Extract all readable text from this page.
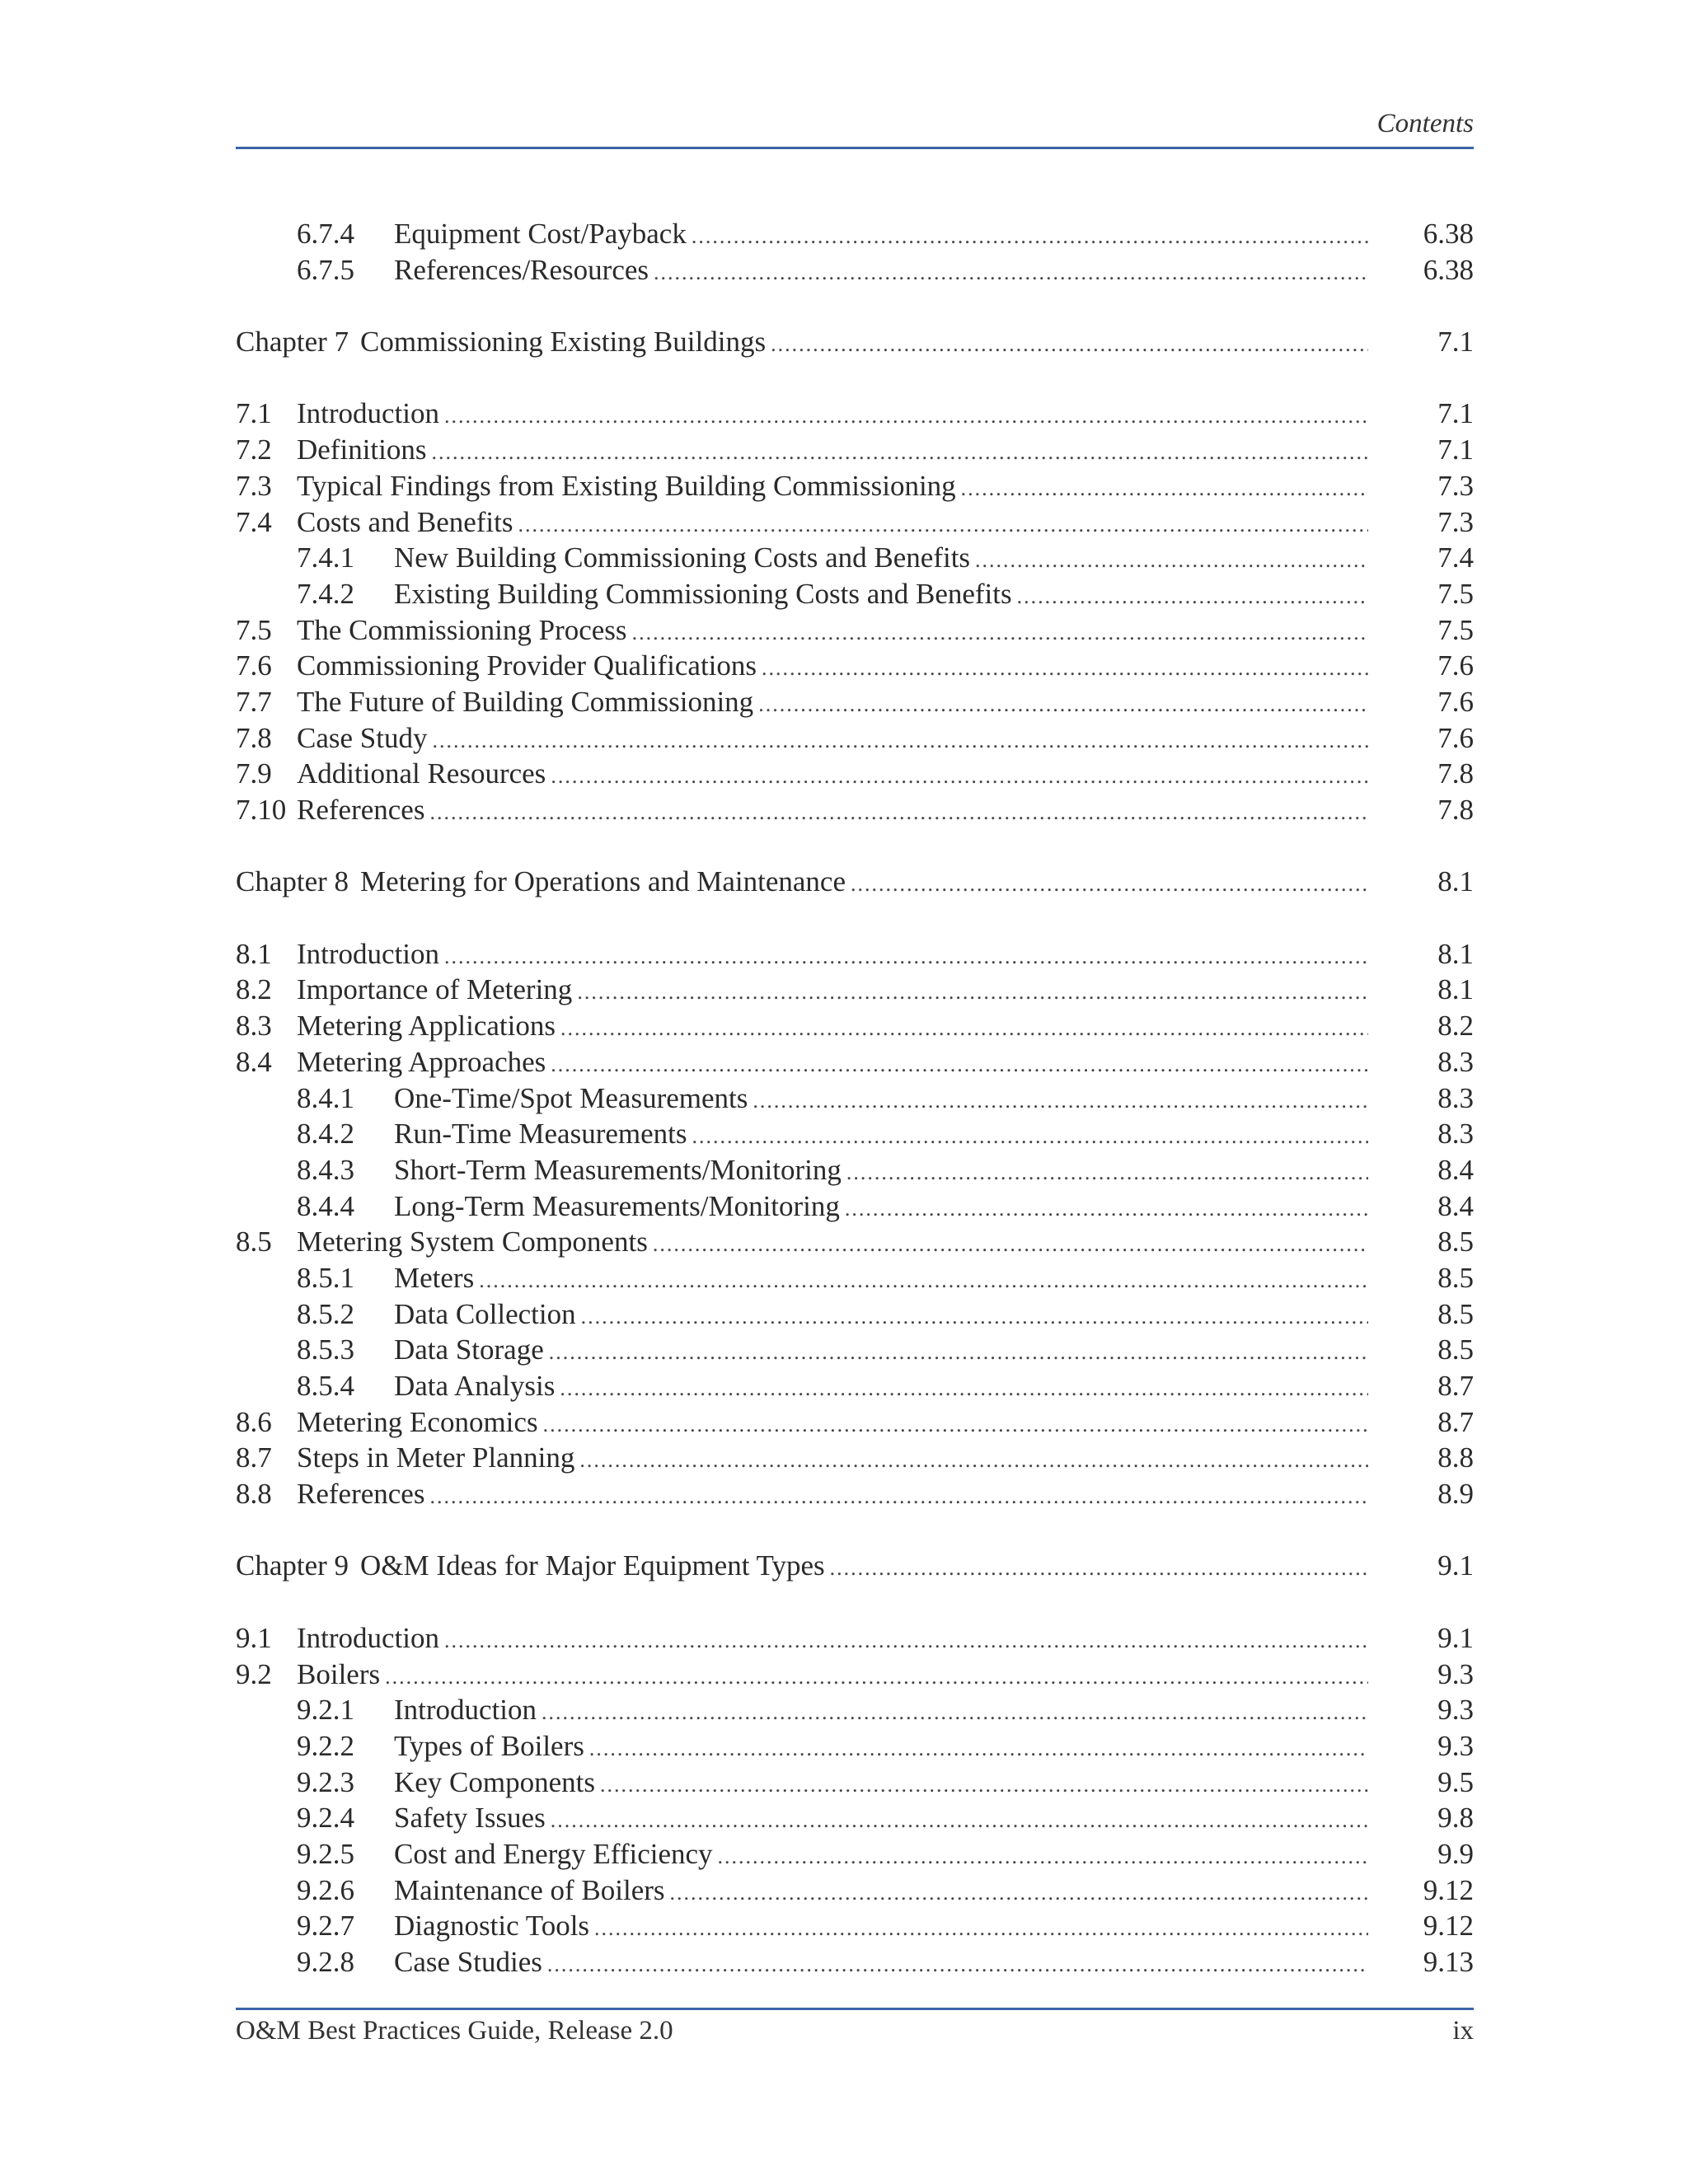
Contents
6.7.4	Equipment Cost/Payback .....	6.38
6.7.5	References/Resources .....	6.38
Chapter 7 Commissioning Existing Buildings .....	7.1
7.1 Introduction .....	7.1
7.2 Definitions .....	7.1
7.3 Typical Findings from Existing Building Commissioning .....	7.3
7.4 Costs and Benefits .....	7.3
7.4.1	New Building Commissioning Costs and Benefits .....	7.4
7.4.2	Existing Building Commissioning Costs and Benefits .....	7.5
7.5 The Commissioning Process .....	7.5
7.6 Commissioning Provider Qualifications .....	7.6
7.7 The Future of Building Commissioning .....	7.6
7.8 Case Study .....	7.6
7.9 Additional Resources .....	7.8
7.10 References .....	7.8
Chapter 8 Metering for Operations and Maintenance .....	8.1
8.1 Introduction .....	8.1
8.2 Importance of Metering .....	8.1
8.3 Metering Applications .....	8.2
8.4 Metering Approaches .....	8.3
8.4.1	One-Time/Spot Measurements .....	8.3
8.4.2	Run-Time Measurements .....	8.3
8.4.3	Short-Term Measurements/Monitoring .....	8.4
8.4.4	Long-Term Measurements/Monitoring .....	8.4
8.5 Metering System Components .....	8.5
8.5.1	Meters .....	8.5
8.5.2	Data Collection .....	8.5
8.5.3	Data Storage .....	8.5
8.5.4	Data Analysis .....	8.7
8.6 Metering Economics .....	8.7
8.7 Steps in Meter Planning .....	8.8
8.8 References .....	8.9
Chapter 9 O&M Ideas for Major Equipment Types .....	9.1
9.1 Introduction .....	9.1
9.2 Boilers .....	9.3
9.2.1	Introduction .....	9.3
9.2.2	Types of Boilers .....	9.3
9.2.3	Key Components .....	9.5
9.2.4	Safety Issues .....	9.8
9.2.5	Cost and Energy Efficiency .....	9.9
9.2.6	Maintenance of Boilers .....	9.12
9.2.7	Diagnostic Tools .....	9.12
9.2.8	Case Studies .....	9.13
O&M Best Practices Guide, Release 2.0	ix
